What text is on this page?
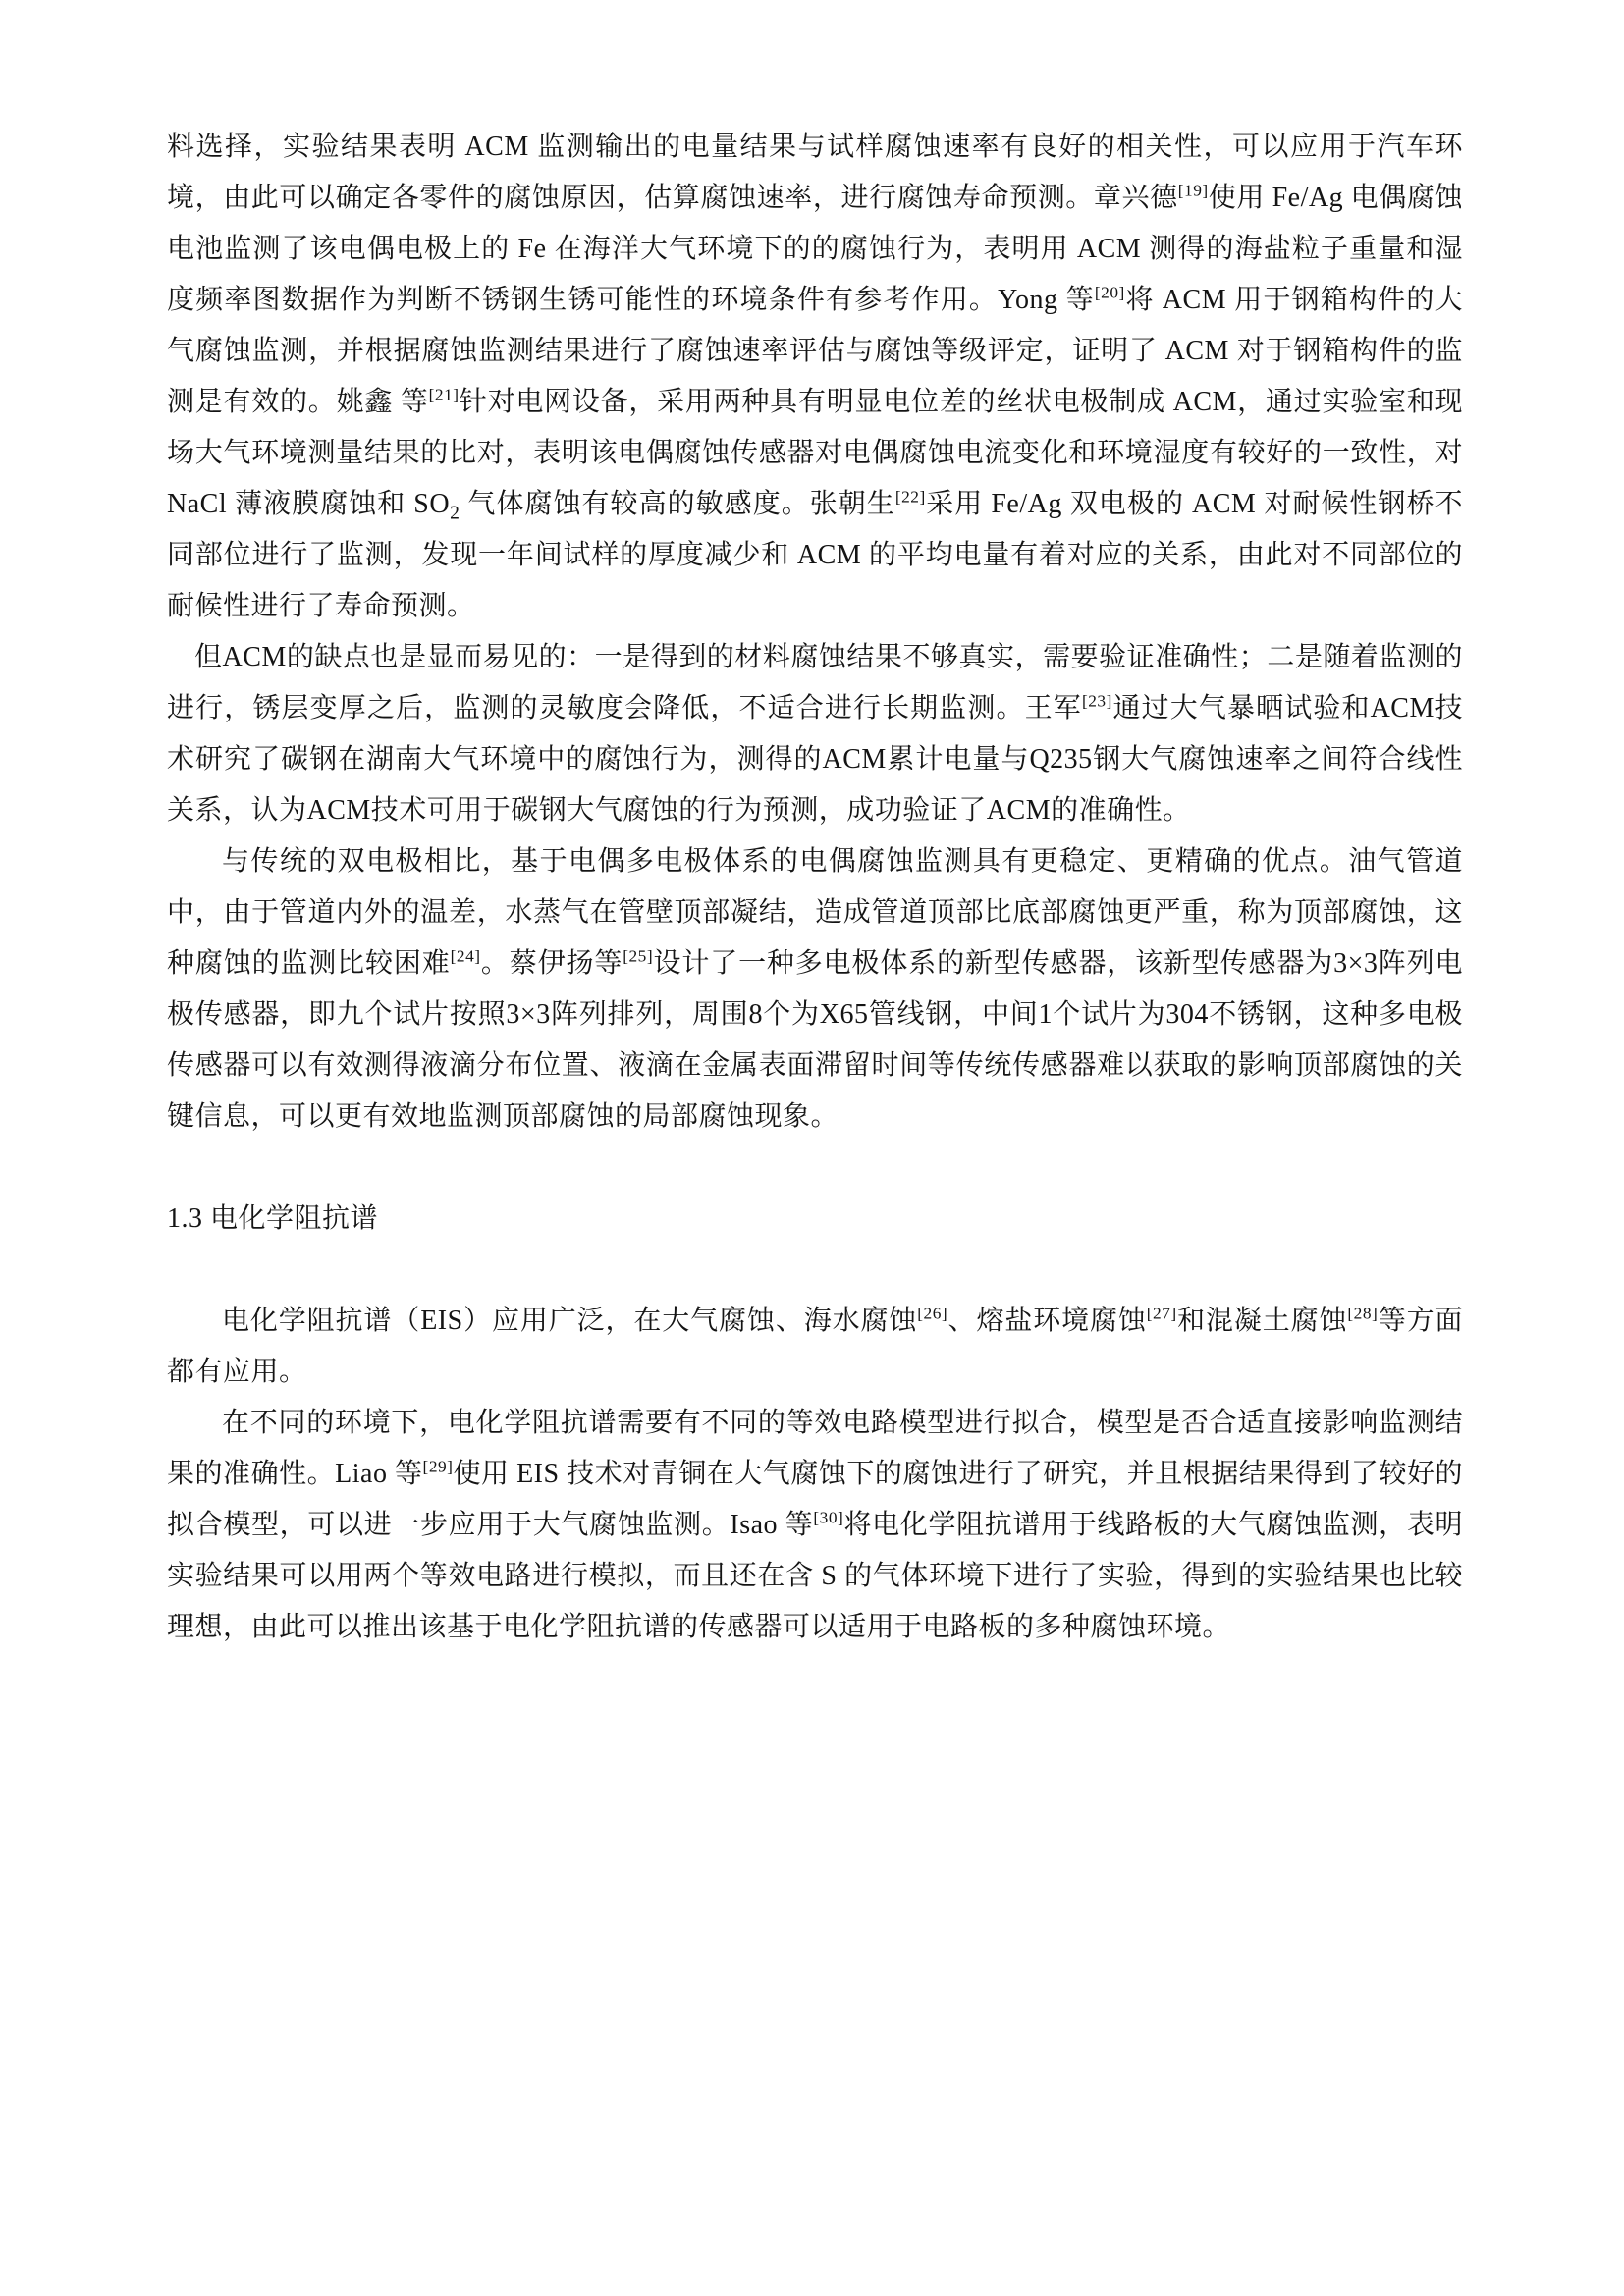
料选择，实验结果表明 ACM 监测输出的电量结果与试样腐蚀速率有良好的相关性，可以应用于汽车环境，由此可以确定各零件的腐蚀原因，估算腐蚀速率，进行腐蚀寿命预测。章兴德[19]使用 Fe/Ag 电偶腐蚀电池监测了该电偶电极上的 Fe 在海洋大气环境下的的腐蚀行为，表明用 ACM 测得的海盐粒子重量和湿度频率图数据作为判断不锈钢生锈可能性的环境条件有参考作用。Yong 等[20]将 ACM 用于钢箱构件的大气腐蚀监测，并根据腐蚀监测结果进行了腐蚀速率评估与腐蚀等级评定，证明了 ACM 对于钢箱构件的监测是有效的。姚鑫 等[21]针对电网设备，采用两种具有明显电位差的丝状电极制成 ACM，通过实验室和现场大气环境测量结果的比对，表明该电偶腐蚀传感器对电偶腐蚀电流变化和环境湿度有较好的一致性，对 NaCl 薄液膜腐蚀和 $SO_2$ 气体腐蚀有较高的敏感度。张朝生[22]采用 Fe/Ag 双电极的 ACM 对耐候性钢桥不同部位进行了监测，发现一年间试样的厚度减少和 ACM 的平均电量有着对应的关系，由此对不同部位的耐候性进行了寿命预测。

但ACM的缺点也是显而易见的：一是得到的材料腐蚀结果不够真实，需要验证准确性；二是随着监测的进行，锈层变厚之后，监测的灵敏度会降低，不适合进行长期监测。王军[23]通过大气暴晒试验和ACM技术研究了碳钢在湖南大气环境中的腐蚀行为，测得的ACM累计电量与Q235钢大气腐蚀速率之间符合线性关系，认为ACM技术可用于碳钢大气腐蚀的行为预测，成功验证了ACM的准确性。

与传统的双电极相比，基于电偶多电极体系的电偶腐蚀监测具有更稳定、更精确的优点。油气管道中，由于管道内外的温差，水蒸气在管壁顶部凝结，造成管道顶部比底部腐蚀更严重，称为顶部腐蚀，这种腐蚀的监测比较困难[24]。蔡伊扬等[25]设计了一种多电极体系的新型传感器，该新型传感器为3×3阵列电极传感器，即九个试片按照3×3阵列排列，周围8个为X65管线钢，中间1个试片为304不锈钢，这种多电极传感器可以有效测得液滴分布位置、液滴在金属表面滞留时间等传统传感器难以获取的影响顶部腐蚀的关键信息，可以更有效地监测顶部腐蚀的局部腐蚀现象。

1.3 电化学阻抗谱

电化学阻抗谱（EIS）应用广泛，在大气腐蚀、海水腐蚀[26]、熔盐环境腐蚀[27]和混凝土腐蚀[28]等方面都有应用。

在不同的环境下，电化学阻抗谱需要有不同的等效电路模型进行拟合，模型是否合适直接影响监测结果的准确性。Liao 等[29]使用 EIS 技术对青铜在大气腐蚀下的腐蚀进行了研究，并且根据结果得到了较好的拟合模型，可以进一步应用于大气腐蚀监测。Isao 等[30]将电化学阻抗谱用于线路板的大气腐蚀监测，表明实验结果可以用两个等效电路进行模拟，而且还在含 S 的气体环境下进行了实验，得到的实验结果也比较理想，由此可以推出该基于电化学阻抗谱的传感器可以适用于电路板的多种腐蚀环境。
